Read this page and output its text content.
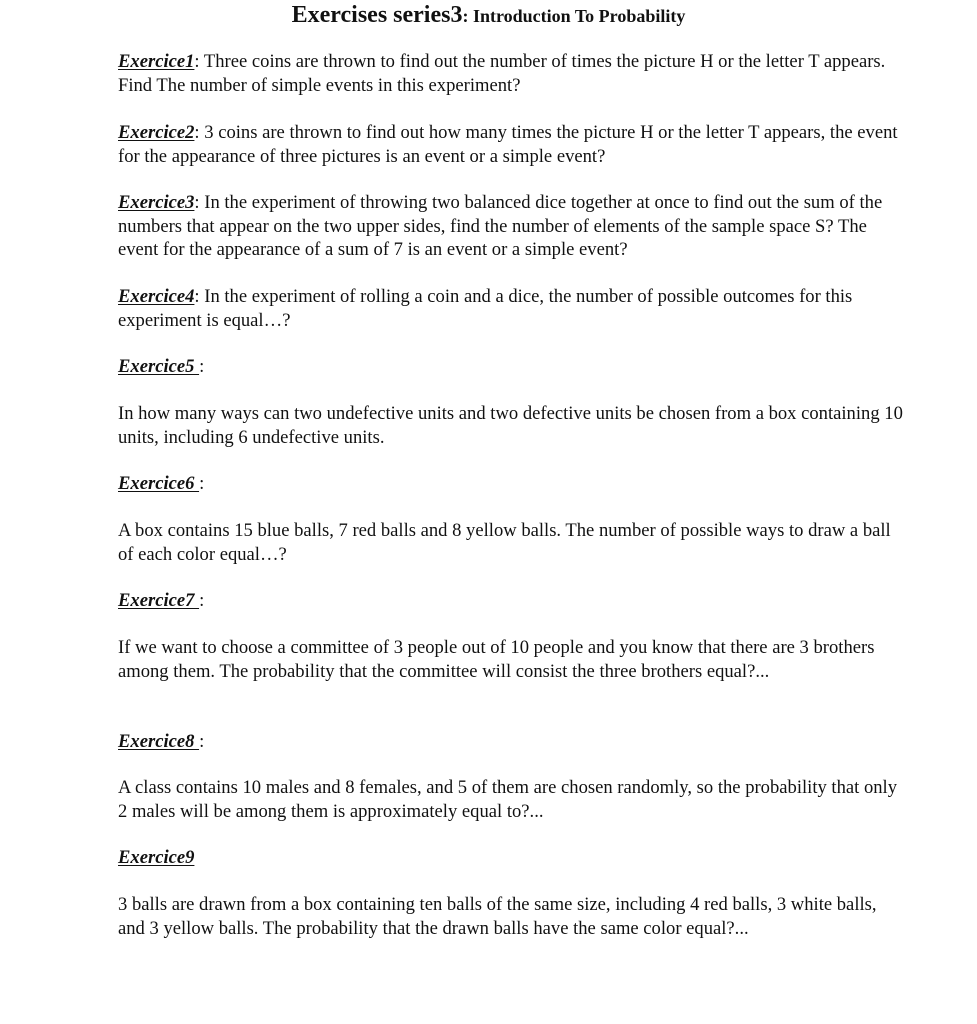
Exercises series3: Introduction To Probability
Exercice1: Three coins are thrown to find out the number of times the picture H or the letter T appears. Find The number of simple events in this experiment?
Exercice2: 3 coins are thrown to find out how many times the picture H or the letter T appears, the event for the appearance of three pictures is an event or a simple event?
Exercice3: In the experiment of throwing two balanced dice together at once to find out the sum of the numbers that appear on the two upper sides, find the number of elements of the sample space S? The event for the appearance of a sum of 7 is an event or a simple event?
Exercice4: In the experiment of rolling a coin and a dice, the number of possible outcomes for this experiment is equal…?
Exercice5 :
In how many ways can two undefective units and two defective units be chosen from a box containing 10 units, including 6 undefective units.
Exercice6 :
A box contains 15 blue balls, 7 red balls and 8 yellow balls. The number of possible ways to draw a ball of each color equal…?
Exercice7 :
If we want to choose a committee of 3 people out of 10 people and you know that there are 3 brothers among them. The probability that the committee will consist the three brothers equal?...
Exercice8 :
A class contains 10 males and 8 females, and 5 of them are chosen randomly, so the probability that only 2 males will be among them is approximately equal to?...
Exercice9
3 balls are drawn from a box containing ten balls of the same size, including 4 red balls, 3 white balls, and 3 yellow balls. The probability that the drawn balls have the same color equal?...
